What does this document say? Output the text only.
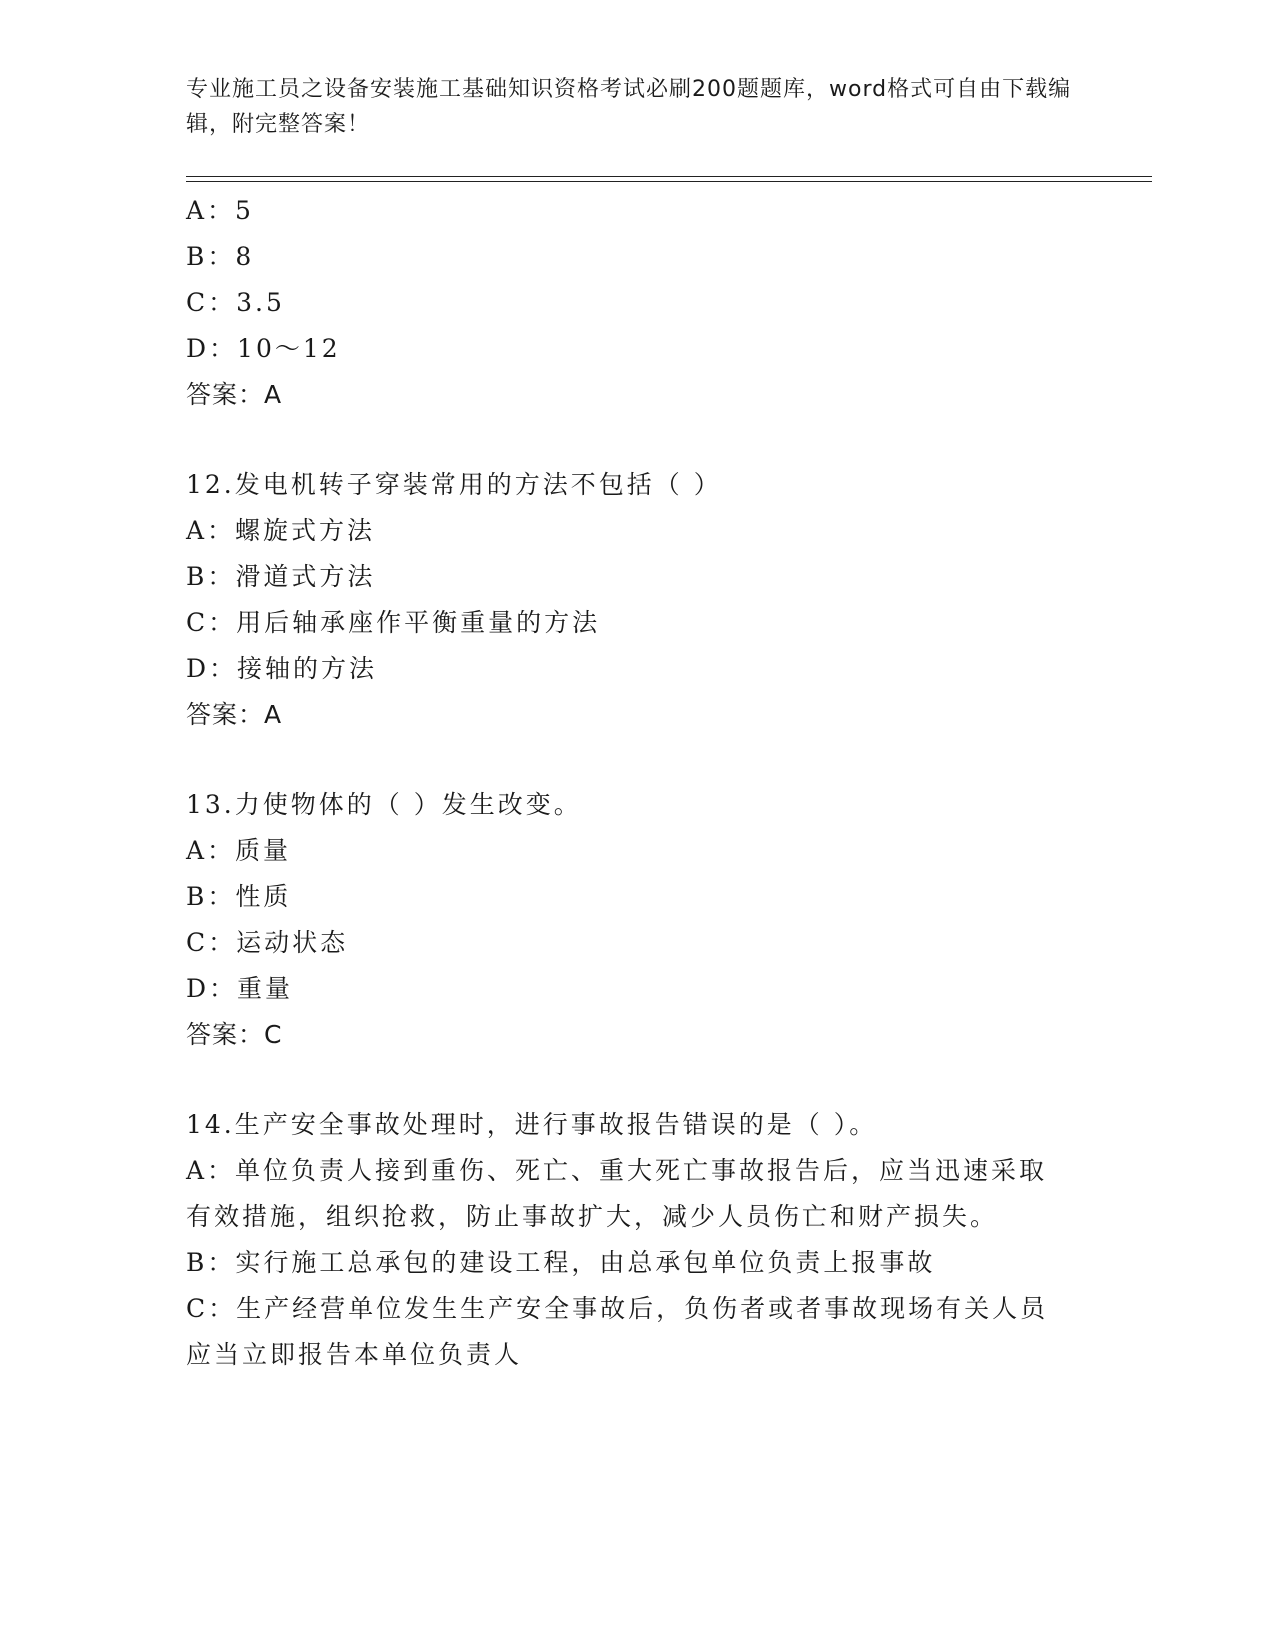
专业施工员之设备安装施工基础知识资格考试必刷200题题库，word格式可自由下载编辑，附完整答案！
A：5
B：8
C：3.5
D：10～12
答案：A
12.发电机转子穿装常用的方法不包括（ ）
A：螺旋式方法
B：滑道式方法
C：用后轴承座作平衡重量的方法
D：接轴的方法
答案：A
13.力使物体的（ ）发生改变。
A：质量
B：性质
C：运动状态
D：重量
答案：C
14.生产安全事故处理时，进行事故报告错误的是（ ）。
A：单位负责人接到重伤、死亡、重大死亡事故报告后，应当迅速采取
有效措施，组织抢救，防止事故扩大，减少人员伤亡和财产损失。
B：实行施工总承包的建设工程，由总承包单位负责上报事故
C：生产经营单位发生生产安全事故后，负伤者或者事故现场有关人员
应当立即报告本单位负责人
